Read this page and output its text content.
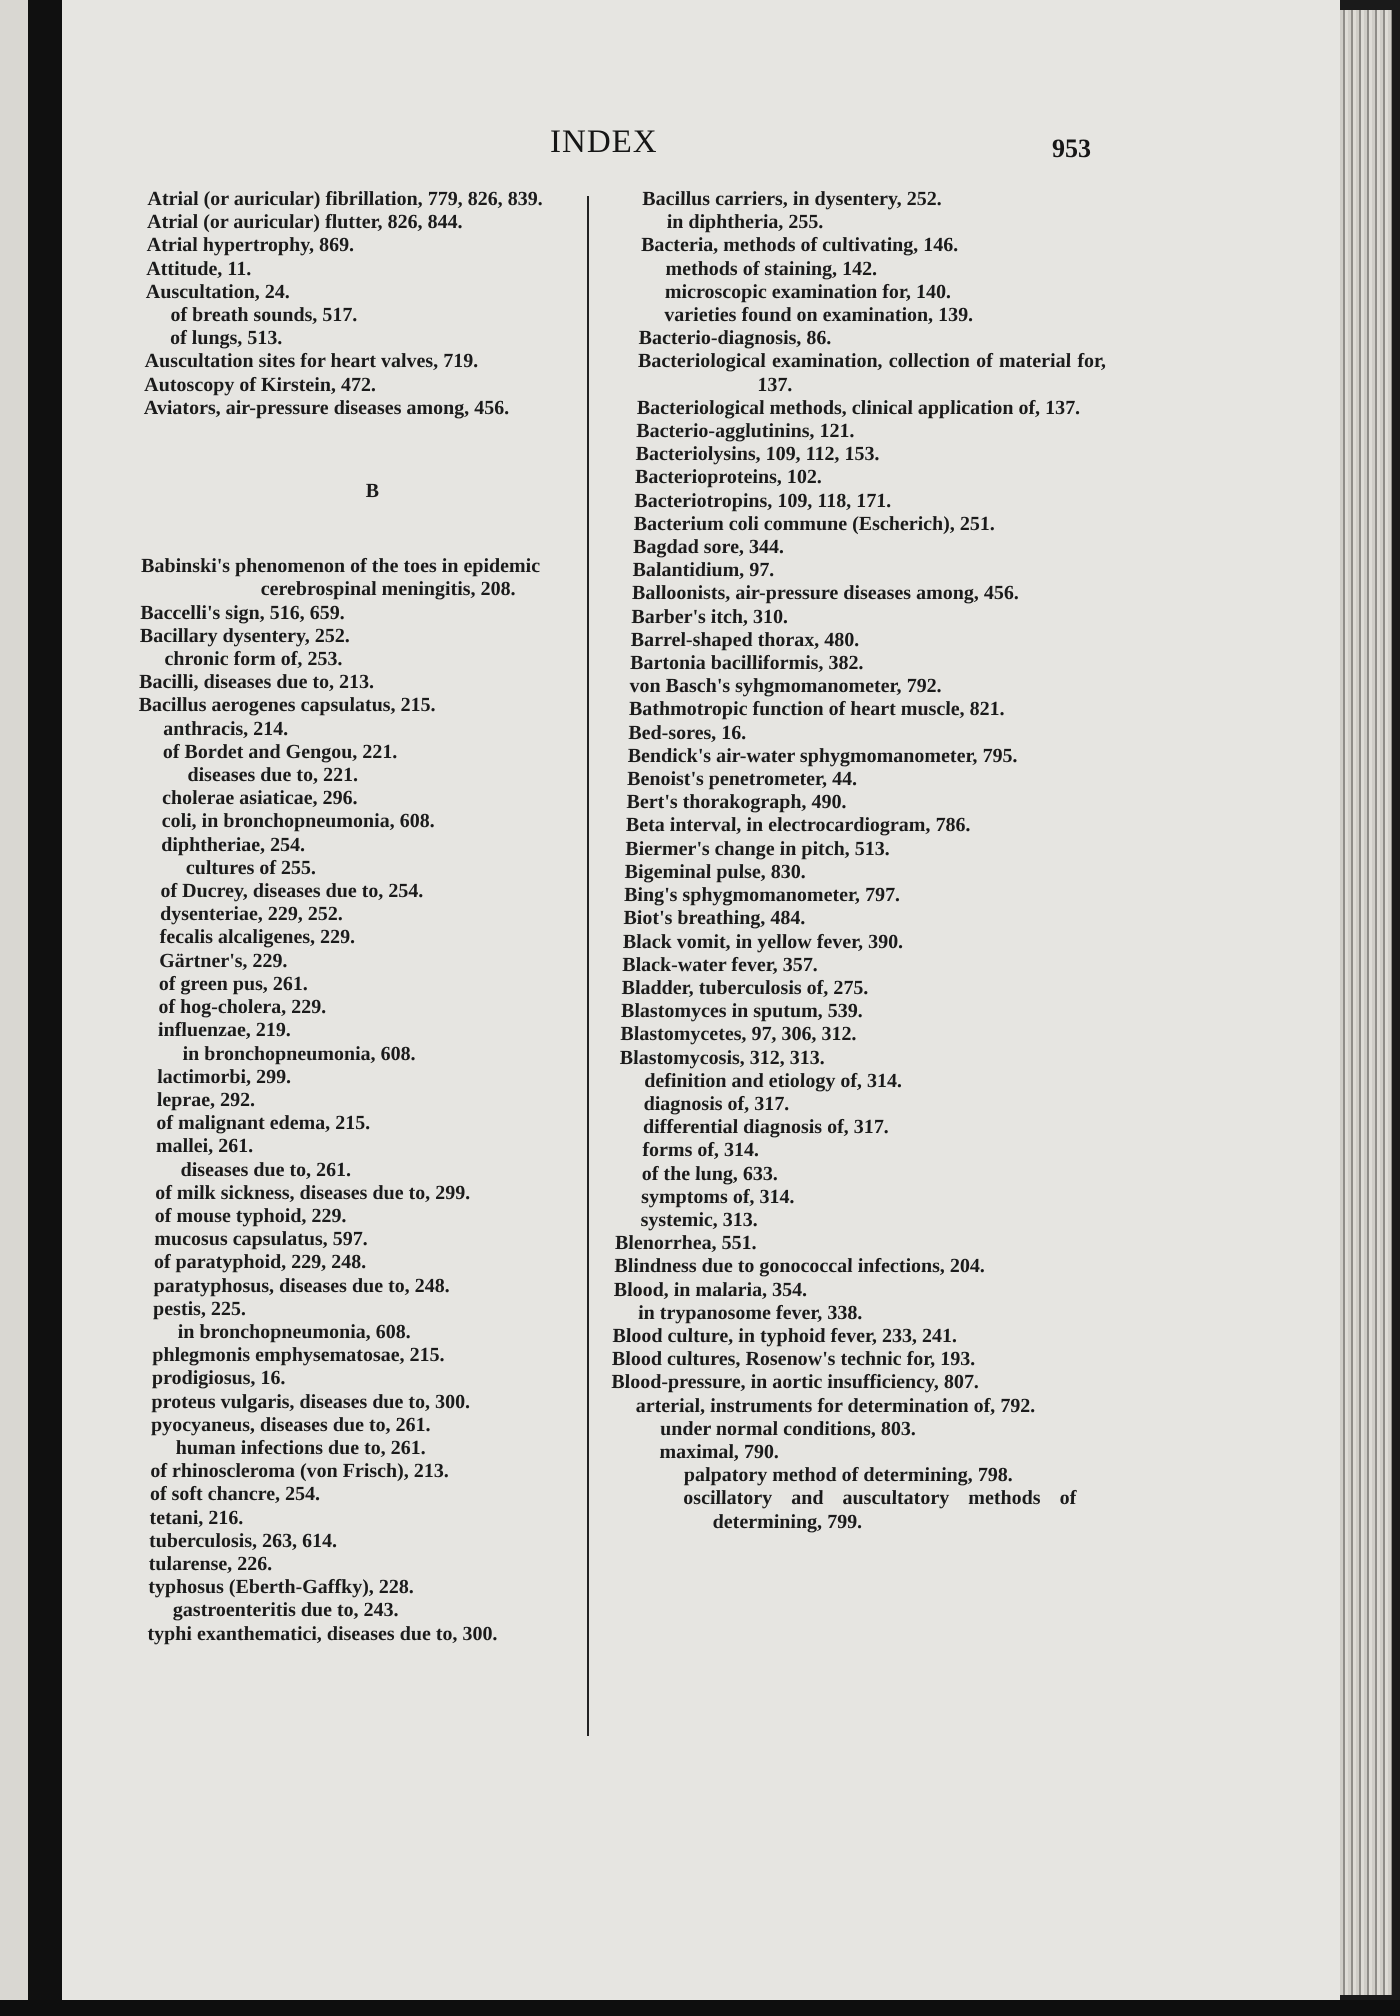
INDEX	953

Atrial (or auricular) fibrillation, 779, 826, 839.

Atrial (or auricular) flutter, 826, 844.

Atrial hypertrophy, 869.

Attitude, 11.

Auscultation, 24.

of breath sounds, 517.

of lungs, 513.

Auscultation sites for heart valves, 719.

Autoscopy of Kirstein, 472.

Aviators, air-pressure diseases among, 456.

B

Babinski's phenomenon of the toes in epidemic cerebrospinal meningitis, 208.

Baccelli's sign, 516, 659.

Bacillary dysentery, 252.

chronic form of, 253.

Bacilli, diseases due to, 213.

Bacillus aerogenes capsulatus, 215.

anthracis, 214.

of Bordet and Gengou, 221.

diseases due to, 221.

cholerae asiaticae, 296.

coli, in bronchopneumonia, 608.

diphtheriae, 254.

cultures of 255.

of Ducrey, diseases due to, 254.

dysenteriae, 229, 252.

fecalis alcaligenes, 229.

Gärtner's, 229.

of green pus, 261.

of hog-cholera, 229.

influenzae, 219.

in bronchopneumonia, 608.

lactimorbi, 299.

leprae, 292.

of malignant edema, 215.

mallei, 261.

diseases due to, 261.

of milk sickness, diseases due to, 299.

of mouse typhoid, 229.

mucosus capsulatus, 597.

of paratyphoid, 229, 248.

paratyphosus, diseases due to, 248.

pestis, 225.

in bronchopneumonia, 608.

phlegmonis emphysematosae, 215.

prodigiosus, 16.

proteus vulgaris, diseases due to, 300.

pyocyaneus, diseases due to, 261.

human infections due to, 261.

of rhinoscleroma (von Frisch), 213.

of soft chancre, 254.

tetani, 216.

tuberculosis, 263, 614.

tularense, 226.

typhosus (Eberth-Gaffky), 228.

gastroenteritis due to, 243.

typhi exanthematici, diseases due to, 300.

Bacillus carriers, in dysentery, 252.

in diphtheria, 255.

Bacteria, methods of cultivating, 146.

methods of staining, 142.

microscopic examination for, 140.

varieties found on examination, 139.

Bacterio-diagnosis, 86.

Bacteriological examination, collection of material for, 137.

Bacteriological methods, clinical application of, 137.

Bacterio-agglutinins, 121.

Bacteriolysins, 109, 112, 153.

Bacterioproteins, 102.

Bacteriotropins, 109, 118, 171.

Bacterium coli commune (Escherich), 251.

Bagdad sore, 344.

Balantidium, 97.

Balloonists, air-pressure diseases among, 456.

Barber's itch, 310.

Barrel-shaped thorax, 480.

Bartonia bacilliformis, 382.

von Basch's syhgmomanometer, 792.

Bathmotropic function of heart muscle, 821.

Bed-sores, 16.

Bendick's air-water sphygmomanometer, 795.

Benoist's penetrometer, 44.

Bert's thorakograph, 490.

Beta interval, in electrocardiogram, 786.

Biermer's change in pitch, 513.

Bigeminal pulse, 830.

Bing's sphygmomanometer, 797.

Biot's breathing, 484.

Black vomit, in yellow fever, 390.

Black-water fever, 357.

Bladder, tuberculosis of, 275.

Blastomyces in sputum, 539.

Blastomycetes, 97, 306, 312.

Blastomycosis, 312, 313.

definition and etiology of, 314.

diagnosis of, 317.

differential diagnosis of, 317.

forms of, 314.

of the lung, 633.

symptoms of, 314.

systemic, 313.

Blenorrhea, 551.

Blindness due to gonococcal infections, 204.

Blood, in malaria, 354.

in trypanosome fever, 338.

Blood culture, in typhoid fever, 233, 241.

Blood cultures, Rosenow's technic for, 193.

Blood-pressure, in aortic insufficiency, 807.

arterial, instruments for determination of, 792.

under normal conditions, 803.

maximal, 790.

palpatory method of determining, 798.

oscillatory and auscultatory methods of determining, 799.
